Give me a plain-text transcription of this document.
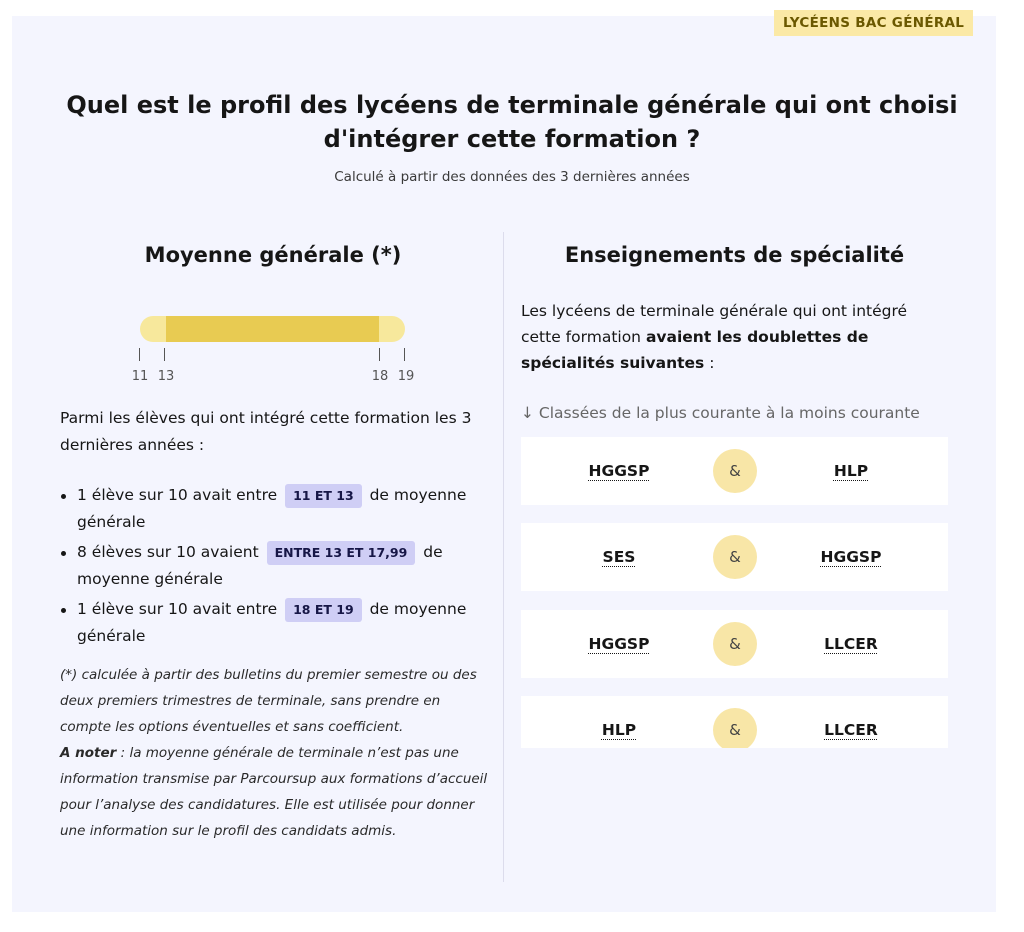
LYCÉENS BAC GÉNÉRAL
Quel est le profil des lycéens de terminale générale qui ont choisi d'intégrer cette formation ?
Calculé à partir des données des 3 dernières années
Moyenne générale (*)
11 13	18 19

Parmi les élèves qui ont intégré cette formation les 3 dernières années :

1 élève sur 10 avait entre 11 ET 13 de moyenne générale
8 élèves sur 10 avaient ENTRE 13 ET 17,99 de moyenne générale
1 élève sur 10 avait entre 18 ET 19 de moyenne générale

(*) calculée à partir des bulletins du premier semestre ou des deux premiers trimestres de terminale, sans prendre en compte les options éventuelles et sans coefficient.
A noter : la moyenne générale de terminale n’est pas une information transmise par Parcoursup aux formations d’accueil pour l’analyse des candidatures. Elle est utilisée pour donner une information sur le profil des candidats admis.

Enseignements de spécialité

Les lycéens de terminale générale qui ont intégré cette formation avaient les doublettes de spécialités suivantes :

↓ Classées de la plus courante à la moins courante
HGGSP	&	HLP
SES	&	HGGSP
HGGSP	&	LLCER
HLP	&	LLCER
